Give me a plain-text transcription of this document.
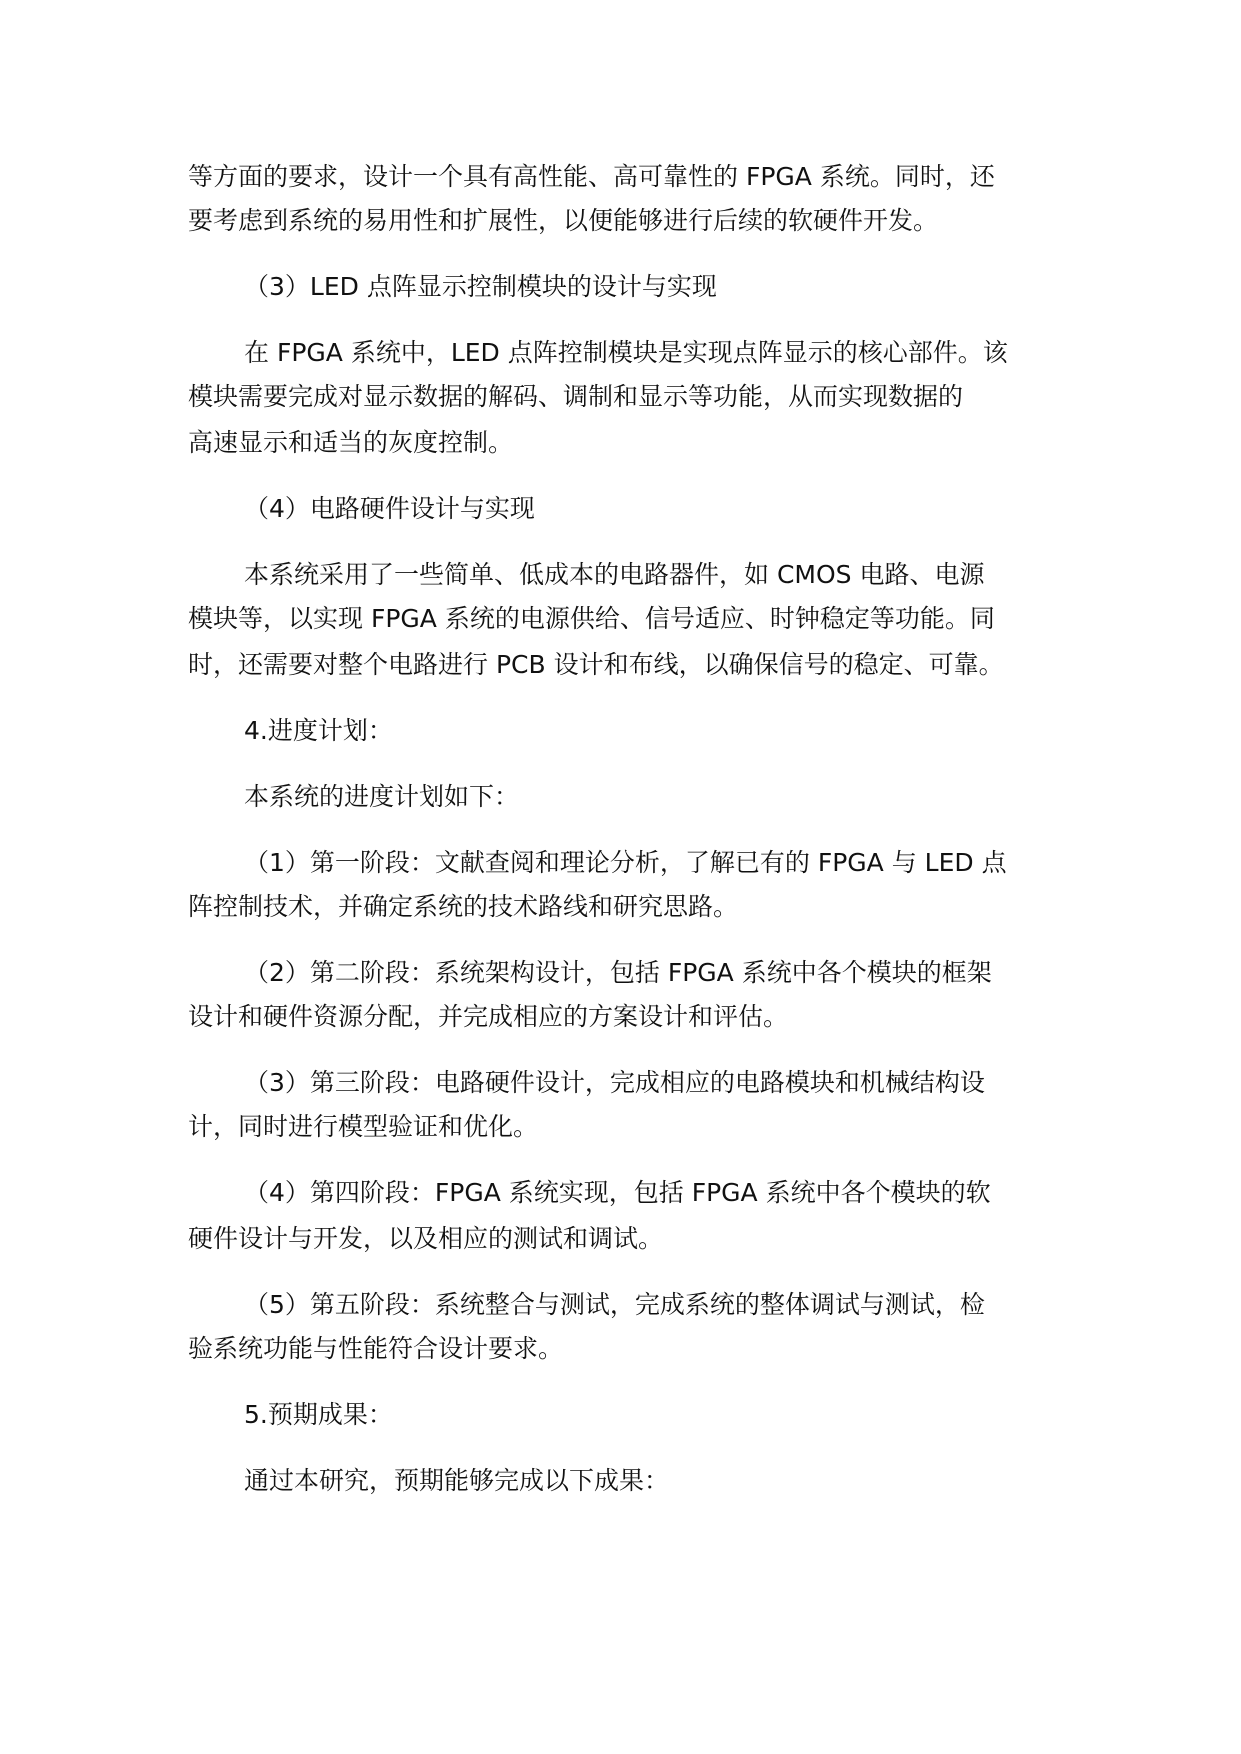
等方面的要求，设计一个具有高性能、高可靠性的 FPGA 系统。同时，还
要考虑到系统的易用性和扩展性，以便能够进行后续的软硬件开发。
（3）LED 点阵显示控制模块的设计与实现
在 FPGA 系统中，LED 点阵控制模块是实现点阵显示的核心部件。该
模块需要完成对显示数据的解码、调制和显示等功能，从而实现数据的
高速显示和适当的灰度控制。
（4）电路硬件设计与实现
本系统采用了一些简单、低成本的电路器件，如 CMOS 电路、电源
模块等，以实现 FPGA 系统的电源供给、信号适应、时钟稳定等功能。同
时，还需要对整个电路进行 PCB 设计和布线，以确保信号的稳定、可靠。
4.进度计划：
本系统的进度计划如下：
（1）第一阶段：文献查阅和理论分析，了解已有的 FPGA 与 LED 点
阵控制技术，并确定系统的技术路线和研究思路。
（2）第二阶段：系统架构设计，包括 FPGA 系统中各个模块的框架
设计和硬件资源分配，并完成相应的方案设计和评估。
（3）第三阶段：电路硬件设计，完成相应的电路模块和机械结构设
计，同时进行模型验证和优化。
（4）第四阶段：FPGA 系统实现，包括 FPGA 系统中各个模块的软
硬件设计与开发，以及相应的测试和调试。
（5）第五阶段：系统整合与测试，完成系统的整体调试与测试，检
验系统功能与性能符合设计要求。
5.预期成果：
通过本研究，预期能够完成以下成果：
